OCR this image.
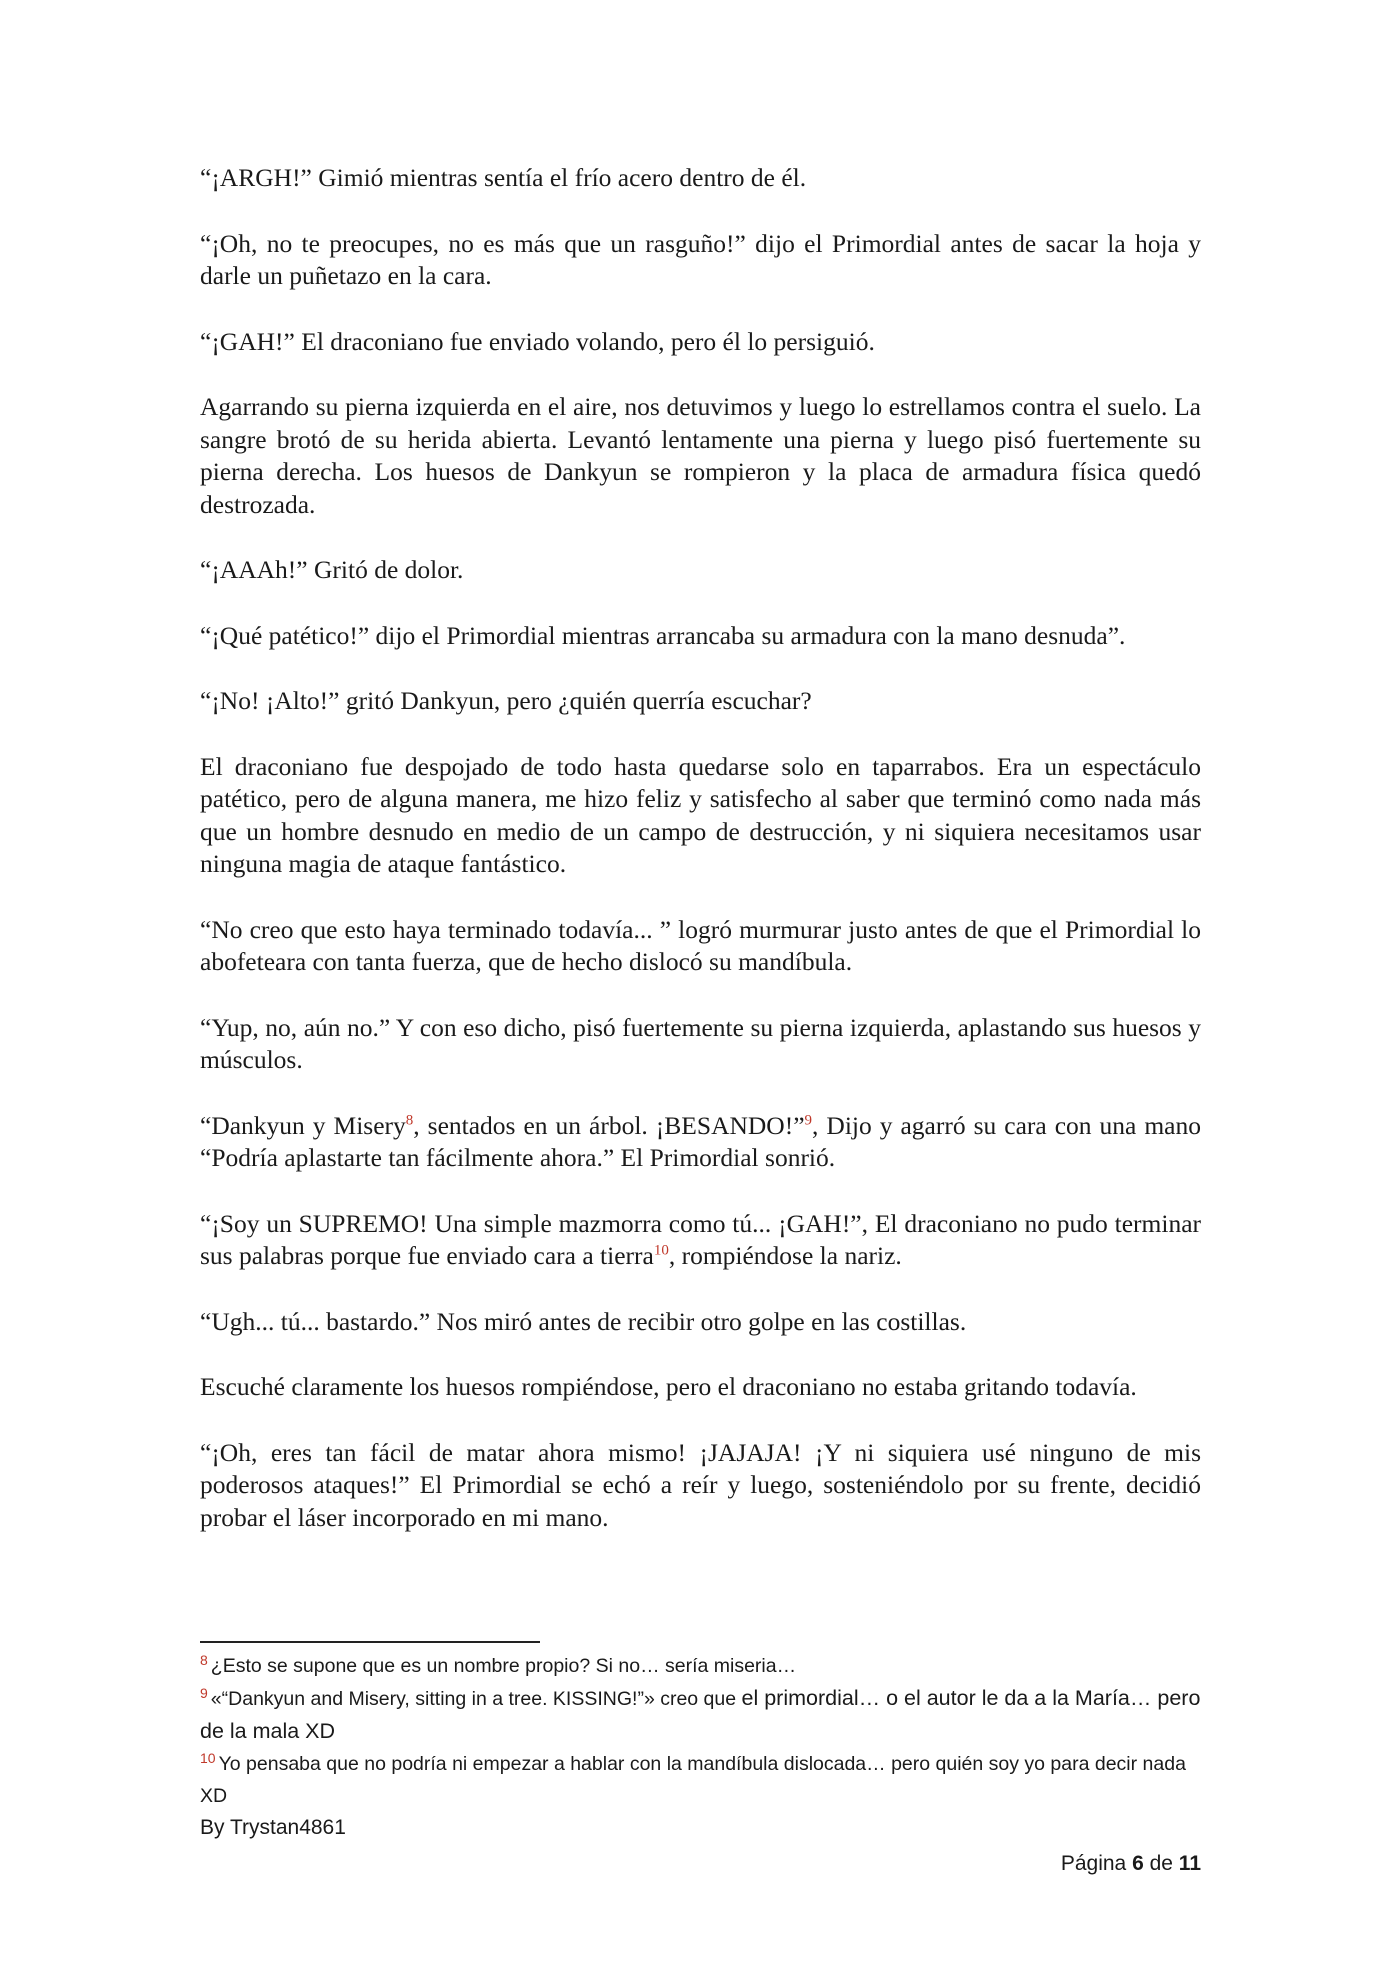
“¡ARGH!” Gimió mientras sentía el frío acero dentro de él.

“¡Oh, no te preocupes, no es más que un rasguño!” dijo el Primordial antes de sacar la hoja y darle un puñetazo en la cara.

“¡GAH!” El draconiano fue enviado volando, pero él lo persiguió.

Agarrando su pierna izquierda en el aire, nos detuvimos y luego lo estrellamos contra el suelo. La sangre brotó de su herida abierta. Levantó lentamente una pierna y luego pisó fuertemente su pierna derecha. Los huesos de Dankyun se rompieron y la placa de armadura física quedó destrozada.

“¡AAAh!” Gritó de dolor.

“¡Qué patético!” dijo el Primordial mientras arrancaba su armadura con la mano desnuda”.

“¡No! ¡Alto!” gritó Dankyun, pero ¿quién querría escuchar?

El draconiano fue despojado de todo hasta quedarse solo en taparrabos. Era un espectáculo patético, pero de alguna manera, me hizo feliz y satisfecho al saber que terminó como nada más que un hombre desnudo en medio de un campo de destrucción, y ni siquiera necesitamos usar ninguna magia de ataque fantástico.

“No creo que esto haya terminado todavía... ” logró murmurar justo antes de que el Primordial lo abofeteara con tanta fuerza, que de hecho dislocó su mandíbula.

“Yup, no, aún no.” Y con eso dicho, pisó fuertemente su pierna izquierda, aplastando sus huesos y músculos.

“Dankyun y Misery$^8$, sentados en un árbol. ¡BESANDO!”$^9$, Dijo y agarró su cara con una mano “Podría aplastarte tan fácilmente ahora.” El Primordial sonrió.

“¡Soy un SUPREMO! Una simple mazmorra como tú... ¡GAH!”, El draconiano no pudo terminar sus palabras porque fue enviado cara a tierra$^{10}$, rompiéndose la nariz.

“Ugh... tú... bastardo.” Nos miró antes de recibir otro golpe en las costillas.

Escuché claramente los huesos rompiéndose, pero el draconiano no estaba gritando todavía.

“¡Oh, eres tan fácil de matar ahora mismo! ¡JAJAJA! ¡Y ni siquiera usé ninguno de mis poderosos ataques!” El Primordial se echó a reír y luego, sosteniéndolo por su frente, decidió probar el láser incorporado en mi mano.

$^8$ ¿Esto se supone que es un nombre propio? Si no… sería miseria…

$^9$ «“Dankyun and Misery, sitting in a tree. KISSING!”» creo que el primordial… o el autor le da a la María… pero de la mala XD

$^{10}$ Yo pensaba que no podría ni empezar a hablar con la mandíbula dislocada… pero quién soy yo para decir nada XD

By Trystan4861
Página 6 de 11
